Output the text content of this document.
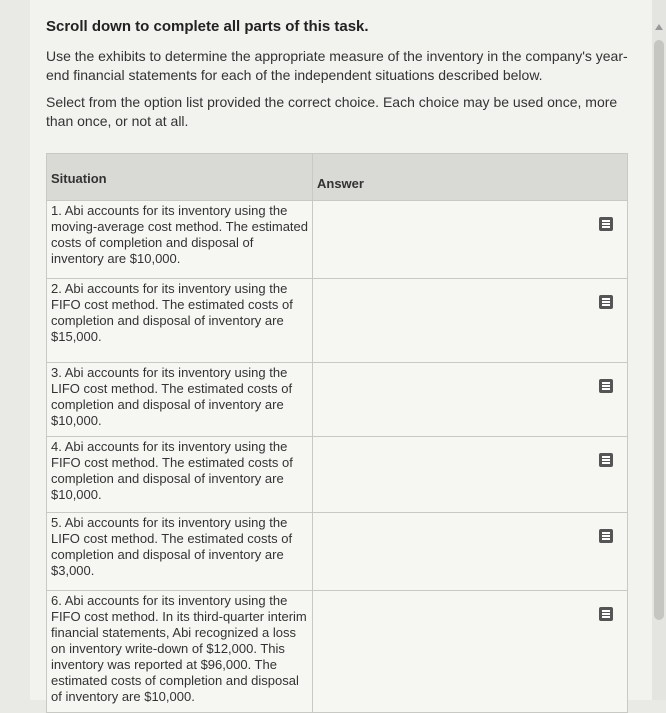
Scroll down to complete all parts of this task.

Use the exhibits to determine the appropriate measure of the inventory in the company's year-end financial statements for each of the independent situations described below.

Select from the option list provided the correct choice. Each choice may be used once, more than once, or not at all.

Situation	Answer
1. Abi accounts for its inventory using the moving-average cost method. The estimated costs of completion and disposal of inventory are $10,000.	

2. Abi accounts for its inventory using the FIFO cost method. The estimated costs of completion and disposal of inventory are $15,000.	

3. Abi accounts for its inventory using the LIFO cost method. The estimated costs of completion and disposal of inventory are $10,000.	

4. Abi accounts for its inventory using the FIFO cost method. The estimated costs of completion and disposal of inventory are $10,000.	

5. Abi accounts for its inventory using the LIFO cost method. The estimated costs of completion and disposal of inventory are $3,000.	

6. Abi accounts for its inventory using the FIFO cost method. In its third-quarter interim financial statements, Abi recognized a loss on inventory write-down of $12,000. This inventory was reported at $96,000. The estimated costs of completion and disposal of inventory are $10,000.	
